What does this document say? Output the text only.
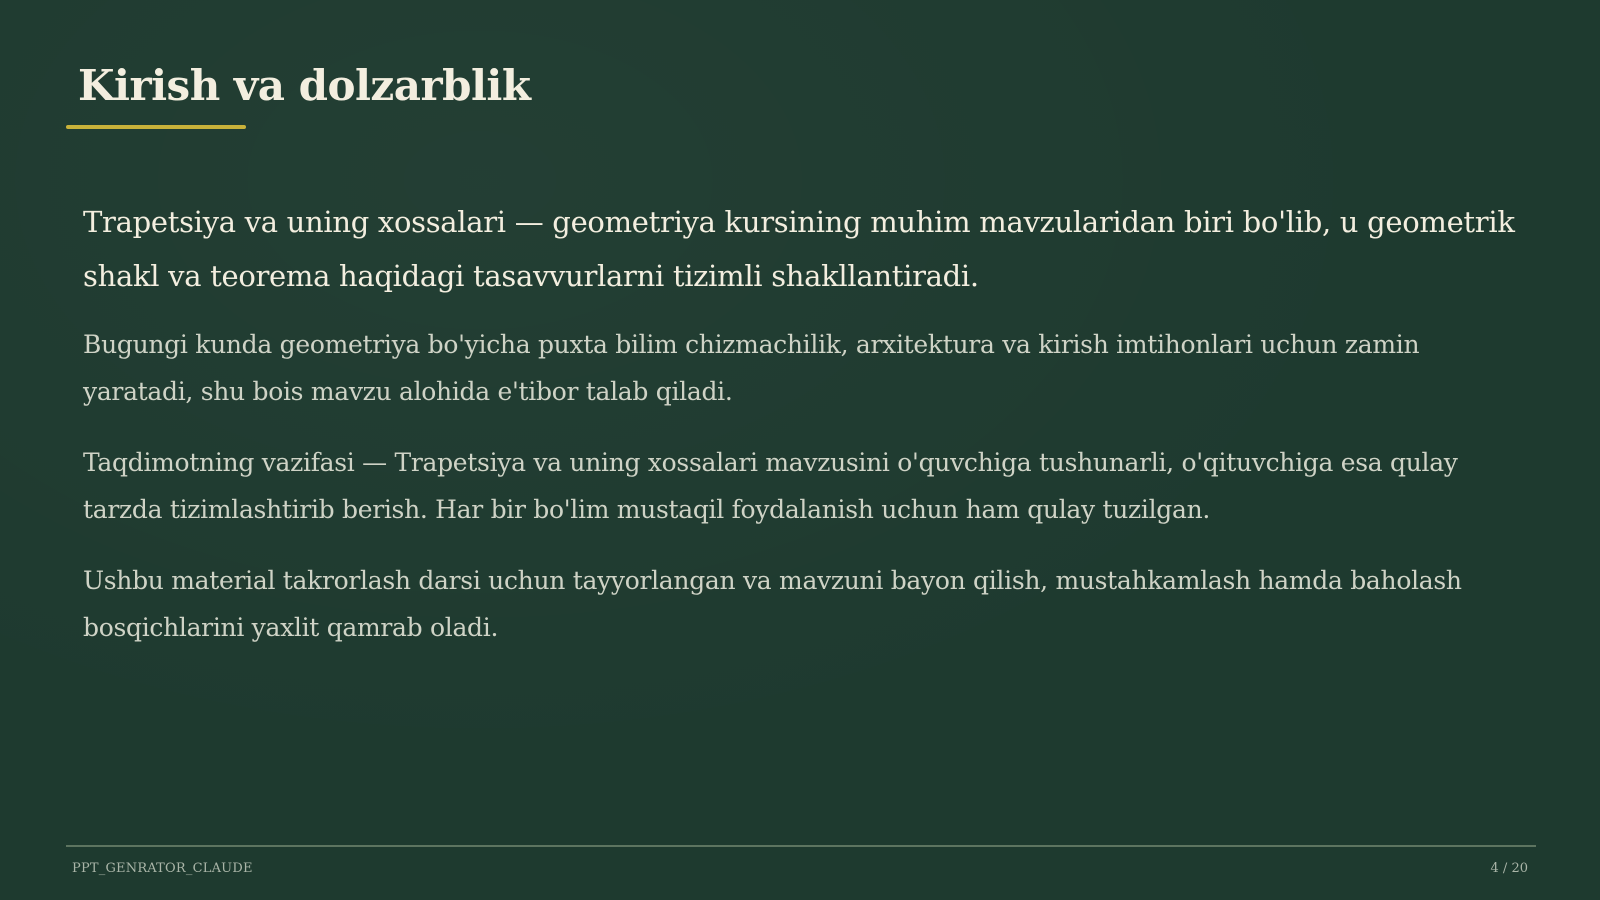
Kirish va dolzarblik

Trapetsiya va uning xossalari — geometriya kursining muhim mavzularidan biri bo'lib, u geometrik shakl va teorema haqidagi tasavvurlarni tizimli shakllantiradi.

Bugungi kunda geometriya bo'yicha puxta bilim chizmachilik, arxitektura va kirish imtihonlari uchun zamin yaratadi, shu bois mavzu alohida e'tibor talab qiladi.

Taqdimotning vazifasi — Trapetsiya va uning xossalari mavzusini o'quvchiga tushunarli, o'qituvchiga esa qulay tarzda tizimlashtirib berish. Har bir bo'lim mustaqil foydalanish uchun ham qulay tuzilgan.

Ushbu material takrorlash darsi uchun tayyorlangan va mavzuni bayon qilish, mustahkamlash hamda baholash bosqichlarini yaxlit qamrab oladi.

PPT_GENRATOR_CLAUDE	4 / 20
